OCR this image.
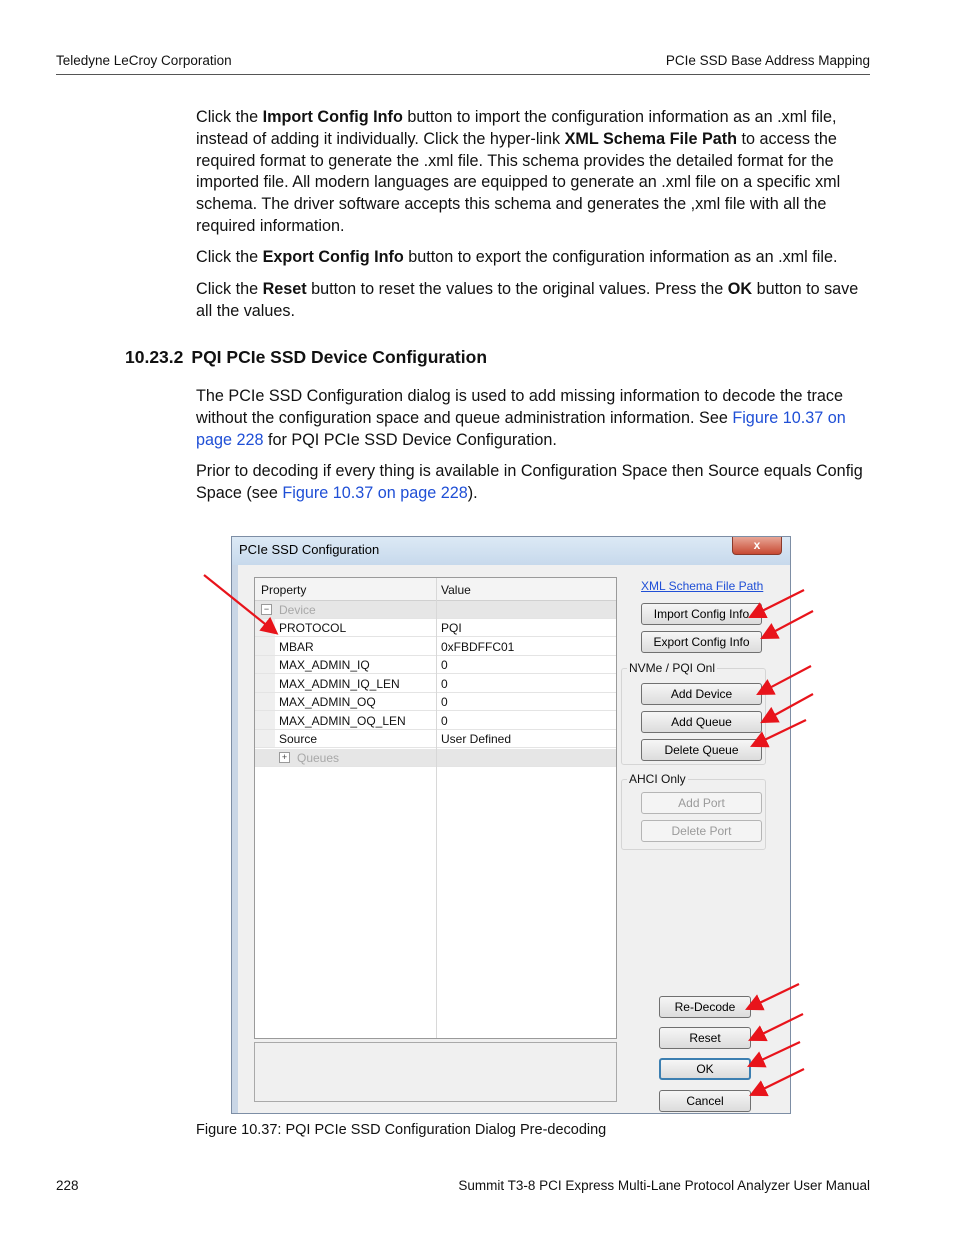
Teledyne LeCroy Corporation	PCIe SSD Base Address Mapping

Click the Import Config Info button to import the configuration information as an .xml file, instead of adding it individually. Click the hyper-link XML Schema File Path to access the required format to generate the .xml file. This schema provides the detailed format for the imported file. All modern languages are equipped to generate an .xml file on a specific xml schema. The driver software accepts this schema and generates the ,xml file with all the required information.

Click the Export Config Info button to export the configuration information as an .xml file.

Click the Reset button to reset the values to the original values. Press the OK button to save all the values.

10.23.2 PQI PCIe SSD Device Configuration

The PCIe SSD Configuration dialog is used to add missing information to decode the trace without the configuration space and queue administration information. See Figure 10.37 on page 228 for PQI PCIe SSD Device Configuration.

Prior to decoding if every thing is available in Configuration Space then Source equals Config Space (see Figure 10.37 on page 228).

PCIe SSD Configuration	x
Property	Value
− Device
PROTOCOL	PQI
MBAR	0xFBDFFC01
MAX_ADMIN_IQ	0
MAX_ADMIN_IQ_LEN	0
MAX_ADMIN_OQ	0
MAX_ADMIN_OQ_LEN	0
Source	User Defined
+ Queues
XML Schema File Path
Import Config Info
Export Config Info
NVMe / PQI Onl
Add Device
Add Queue
Delete Queue
AHCI Only
Add Port
Delete Port
Re-Decode
Reset
OK
Cancel
Figure 10.37: PQI PCIe SSD Configuration Dialog Pre-decoding
228	Summit T3-8 PCI Express Multi-Lane Protocol Analyzer User Manual
